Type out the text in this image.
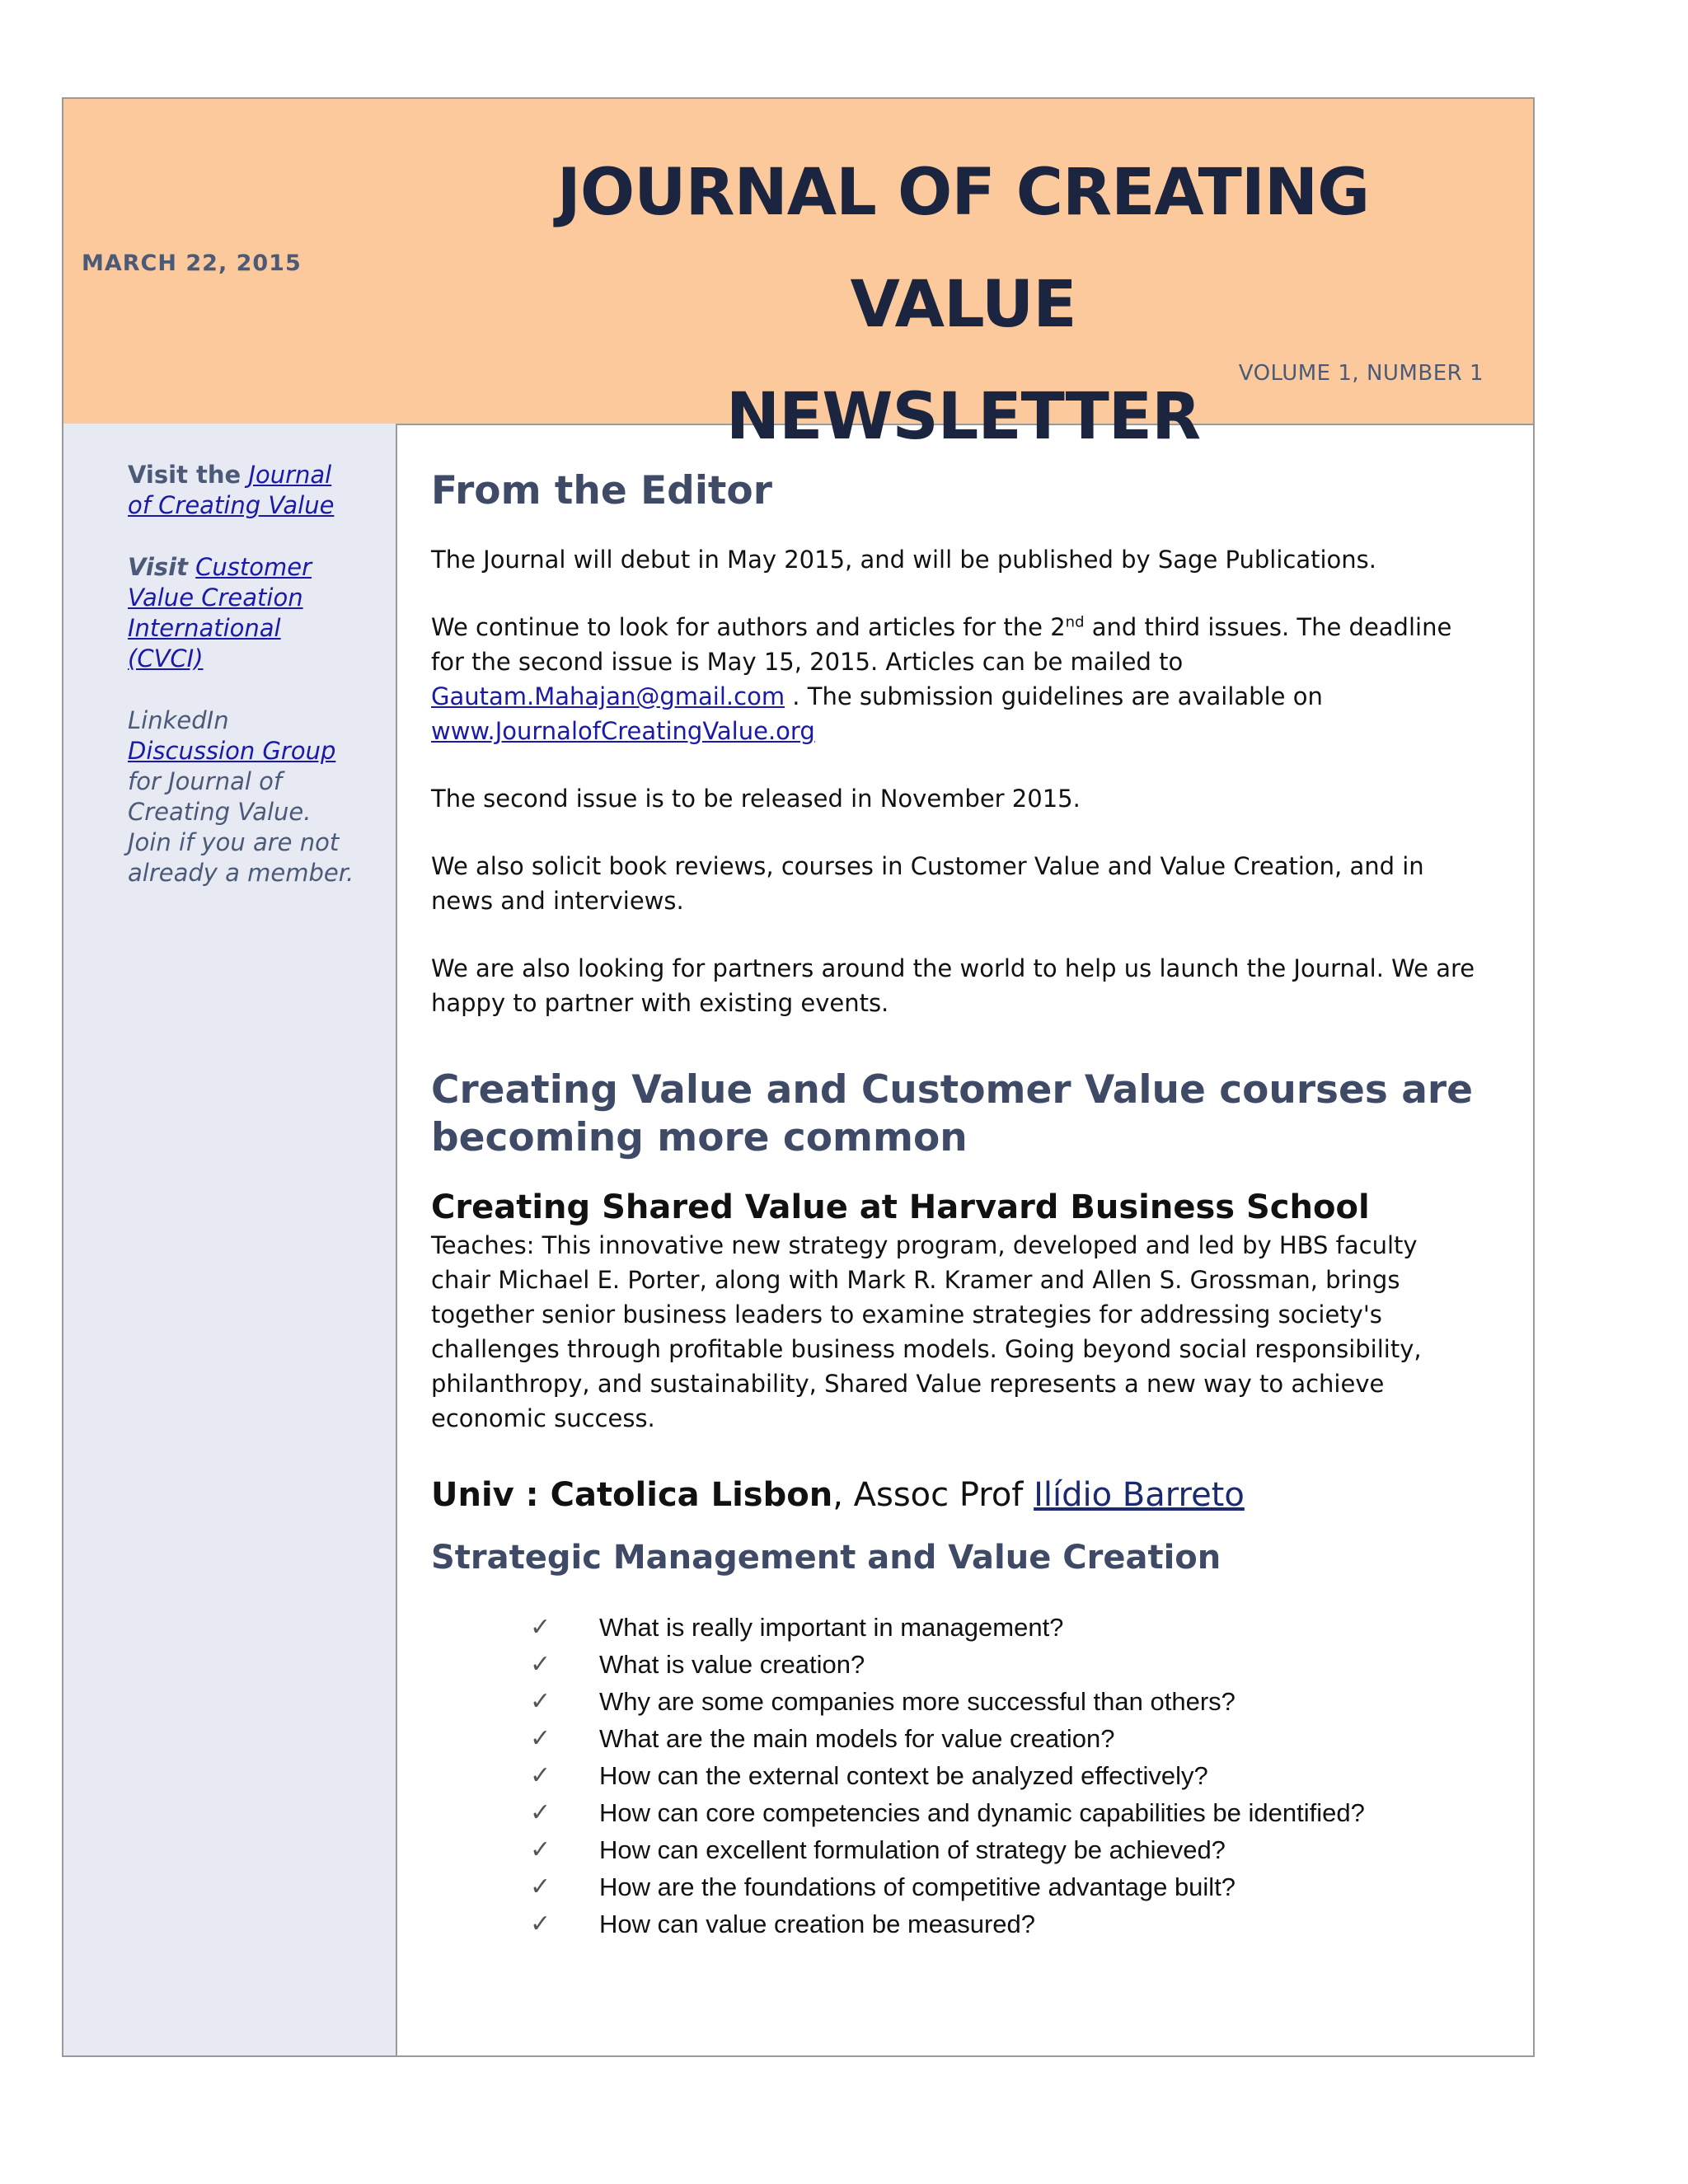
MARCH 22, 2015
JOURNAL OF CREATING VALUE
NEWSLETTER
VOLUME 1, NUMBER 1
Visit the Journal of Creating Value
Visit Customer Value Creation International (CVCI)
LinkedIn
Discussion Group for Journal of Creating Value. Join if you are not already a member.
From the Editor

The Journal will debut in May 2015, and will be published by Sage Publications.

We continue to look for authors and articles for the 2nd and third issues. The deadline for the second issue is May 15, 2015. Articles can be mailed to Gautam.Mahajan@gmail.com . The submission guidelines are available on www.JournalofCreatingValue.org

The second issue is to be released in November 2015.

We also solicit book reviews, courses in Customer Value and Value Creation, and in news and interviews.

We are also looking for partners around the world to help us launch the Journal. We are happy to partner with existing events.

Creating Value and Customer Value courses are becoming more common
Creating Shared Value at Harvard Business School

Teaches: This innovative new strategy program, developed and led by HBS faculty chair Michael E. Porter, along with Mark R. Kramer and Allen S. Grossman, brings together senior business leaders to examine strategies for addressing society's challenges through profitable business models. Going beyond social responsibility, philanthropy, and sustainability, Shared Value represents a new way to achieve economic success.

Univ : Catolica Lisbon, Assoc Prof Ilídio Barreto
Strategic Management and Value Creation
✓ What is really important in management?
✓ What is value creation?
✓ Why are some companies more successful than others?
✓ What are the main models for value creation?
✓ How can the external context be analyzed effectively?
✓ How can core competencies and dynamic capabilities be identified?
✓ How can excellent formulation of strategy be achieved?
✓ How are the foundations of competitive advantage built?
✓ How can value creation be measured?
